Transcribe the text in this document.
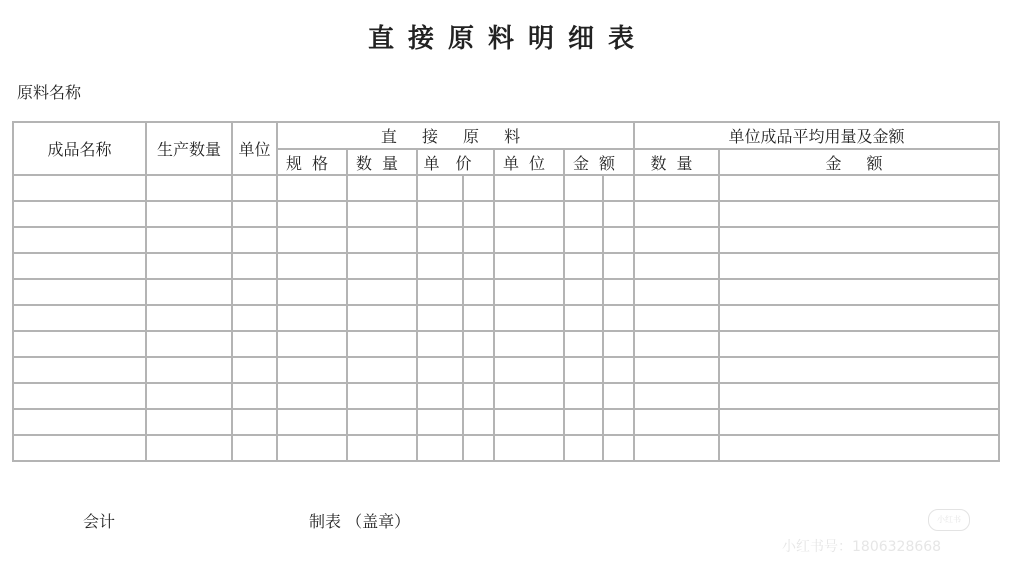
直接原料明细表
原料名称
成品名称	生产数量	单位	直 接 原 料							单位成品平均用量及金额	
			规格	数量	单价		单位	金额		数量	金 额

会计	制表 （盖章）	小红书
小红书号：1806328668
